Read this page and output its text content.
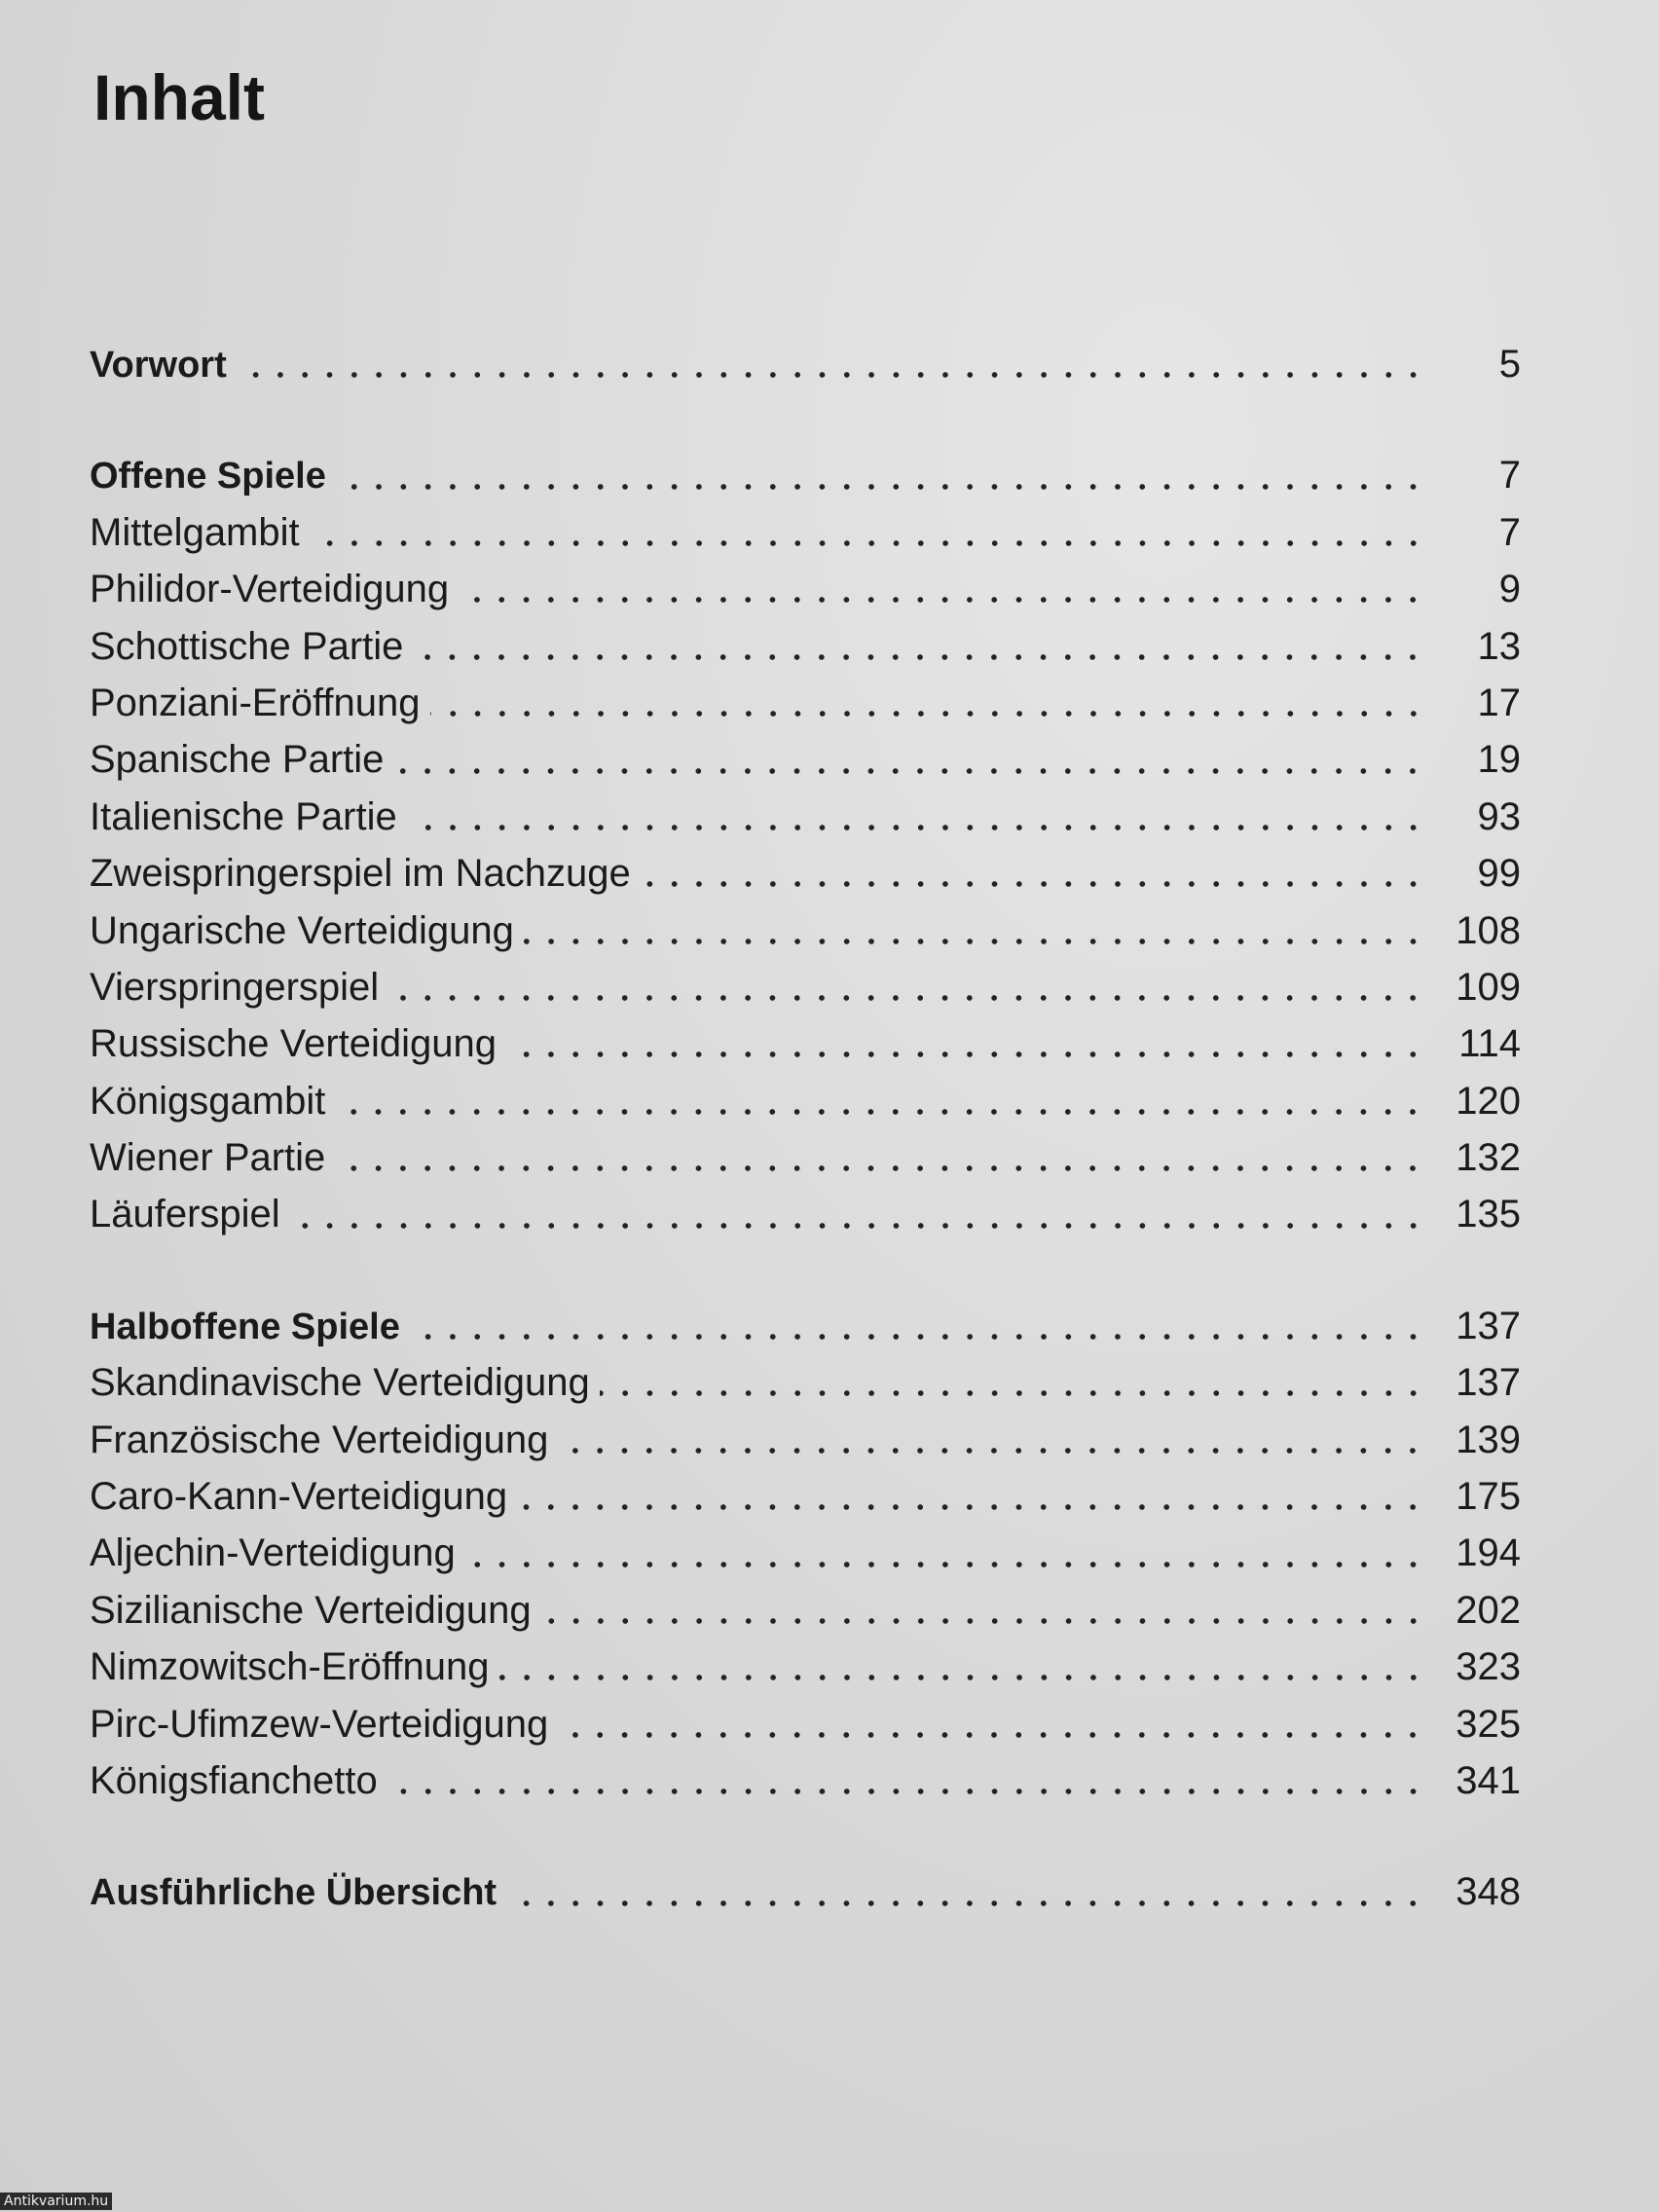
Inhalt
Vorwort	5
Offene Spiele	7
Mittelgambit	7
Philidor-Verteidigung	9
Schottische Partie	13
Ponziani-Eröffnung	17
Spanische Partie	19
Italienische Partie	93
Zweispringerspiel im Nachzuge	99
Ungarische Verteidigung	108
Vierspringerspiel	109
Russische Verteidigung	114
Königsgambit	120
Wiener Partie	132
Läuferspiel	135
Halboffene Spiele	137
Skandinavische Verteidigung	137
Französische Verteidigung	139
Caro-Kann-Verteidigung	175
Aljechin-Verteidigung	194
Sizilianische Verteidigung	202
Nimzowitsch-Eröffnung	323
Pirc-Ufimzew-Verteidigung	325
Königsfianchetto	341
Ausführliche Übersicht	348
Antikvarium.hu
